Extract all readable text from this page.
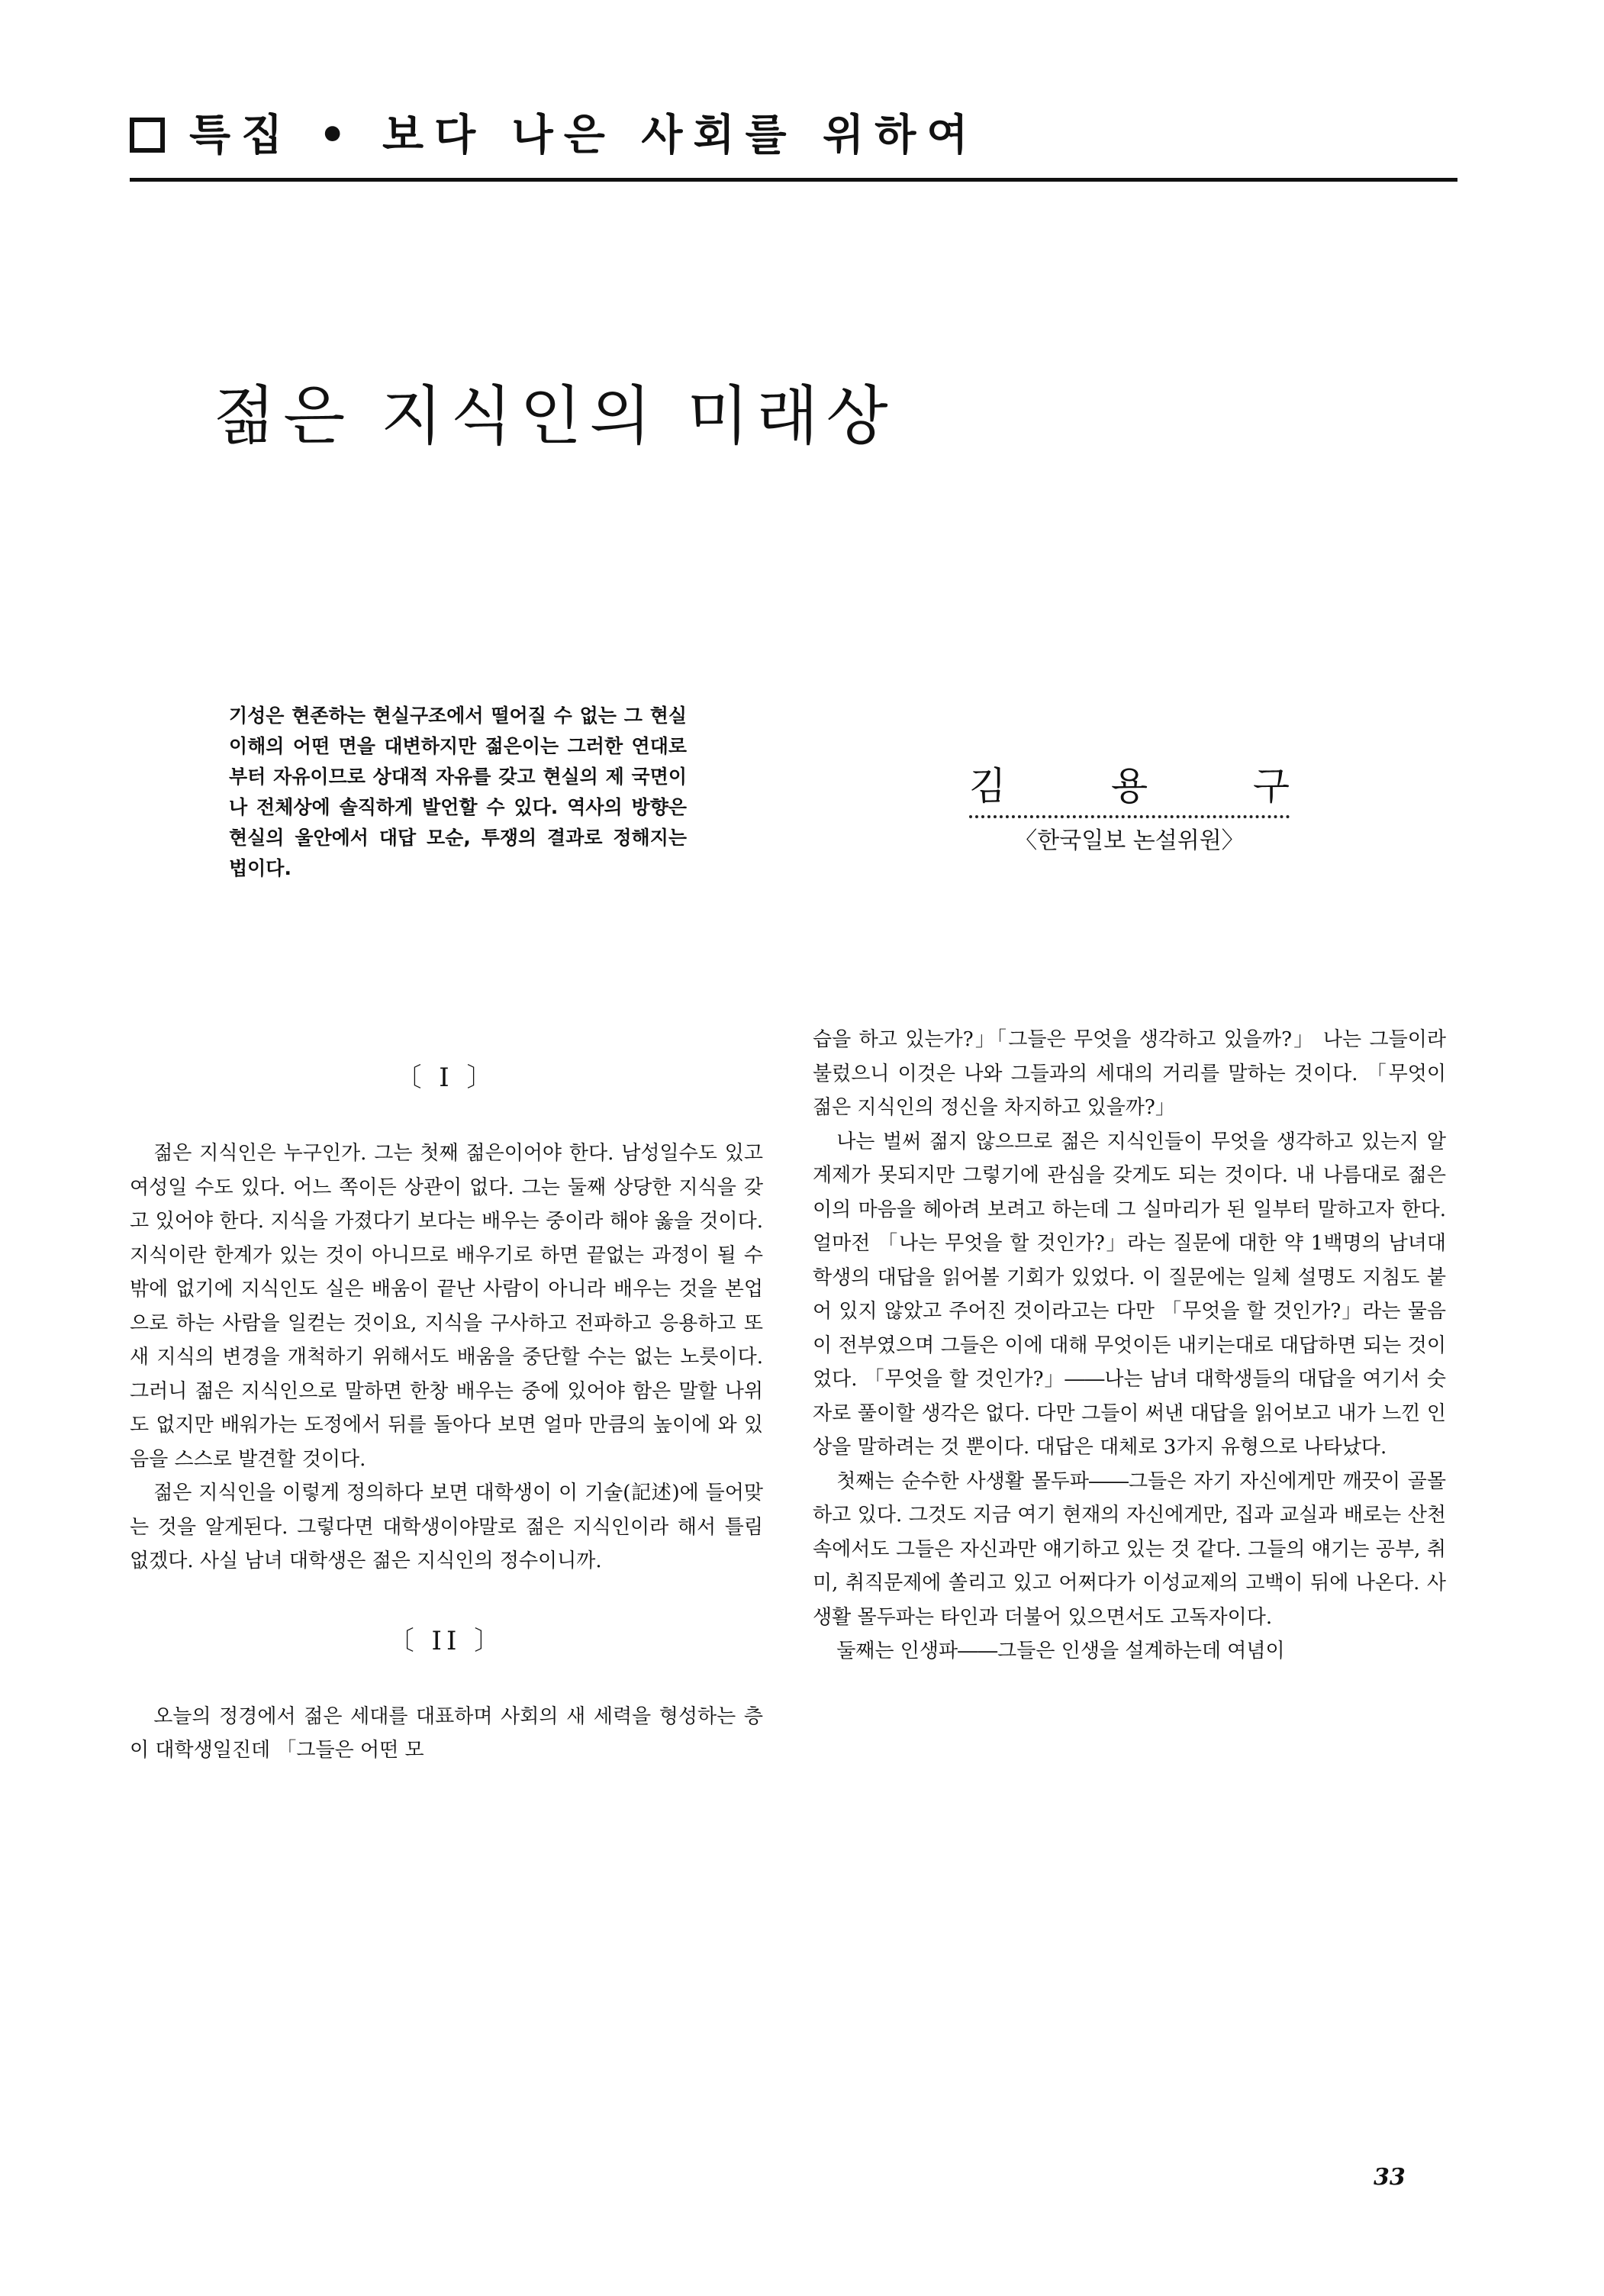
특집 • 보다 나은 사회를 위하여
젊은 지식인의 미래상
기성은 현존하는 현실구조에서 떨어질 수 없는 그 현실 이해의 어떤 면을 대변하지만 젊은이는 그러한 연대로 부터 자유이므로 상대적 자유를 갖고 현실의 제 국면이나 전체상에 솔직하게 발언할 수 있다. 역사의 방향은 현실의 울안에서 대답 모순, 투쟁의 결과로 정해지는 법이다.
김	용	구
〈한국일보 논설위원〉

〔 I 〕

젊은 지식인은 누구인가. 그는 첫째 젊은이어야 한다. 남성일수도 있고 여성일 수도 있다. 어느 쪽이든 상관이 없다. 그는 둘째 상당한 지식을 갖고 있어야 한다. 지식을 가졌다기 보다는 배우는 중이라 해야 옳을 것이다. 지식이란 한계가 있는 것이 아니므로 배우기로 하면 끝없는 과정이 될 수 밖에 없기에 지식인도 실은 배움이 끝난 사람이 아니라 배우는 것을 본업으로 하는 사람을 일컫는 것이요, 지식을 구사하고 전파하고 응용하고 또 새 지식의 변경을 개척하기 위해서도 배움을 중단할 수는 없는 노릇이다. 그러니 젊은 지식인으로 말하면 한창 배우는 중에 있어야 함은 말할 나위도 없지만 배워가는 도정에서 뒤를 돌아다 보면 얼마 만큼의 높이에 와 있음을 스스로 발견할 것이다.

젊은 지식인을 이렇게 정의하다 보면 대학생이 이 기술(記述)에 들어맞는 것을 알게된다. 그렇다면 대학생이야말로 젊은 지식인이라 해서 틀림 없겠다. 사실 남녀 대학생은 젊은 지식인의 정수이니까.

〔 II 〕

오늘의 정경에서 젊은 세대를 대표하며 사회의 새 세력을 형성하는 층이 대학생일진데 「그들은 어떤 모

습을 하고 있는가?」「그들은 무엇을 생각하고 있을까?」 나는 그들이라 불렀으니 이것은 나와 그들과의 세대의 거리를 말하는 것이다. 「무엇이 젊은 지식인의 정신을 차지하고 있을까?」

나는 벌써 젊지 않으므로 젊은 지식인들이 무엇을 생각하고 있는지 알 계제가 못되지만 그렇기에 관심을 갖게도 되는 것이다. 내 나름대로 젊은이의 마음을 헤아려 보려고 하는데 그 실마리가 된 일부터 말하고자 한다. 얼마전 「나는 무엇을 할 것인가?」라는 질문에 대한 약 1백명의 남녀대학생의 대답을 읽어볼 기회가 있었다. 이 질문에는 일체 설명도 지침도 붙어 있지 않았고 주어진 것이라고는 다만 「무엇을 할 것인가?」라는 물음이 전부였으며 그들은 이에 대해 무엇이든 내키는대로 대답하면 되는 것이었다. 「무엇을 할 것인가?」――나는 남녀 대학생들의 대답을 여기서 숫자로 풀이할 생각은 없다. 다만 그들이 써낸 대답을 읽어보고 내가 느낀 인상을 말하려는 것 뿐이다. 대답은 대체로 3가지 유형으로 나타났다.

첫째는 순수한 사생활 몰두파――그들은 자기 자신에게만 깨끗이 골몰하고 있다. 그것도 지금 여기 현재의 자신에게만, 집과 교실과 배로는 산천 속에서도 그들은 자신과만 얘기하고 있는 것 같다. 그들의 얘기는 공부, 취미, 취직문제에 쏠리고 있고 어쩌다가 이성교제의 고백이 뒤에 나온다. 사생활 몰두파는 타인과 더불어 있으면서도 고독자이다.

둘째는 인생파――그들은 인생을 설계하는데 여념이

33
